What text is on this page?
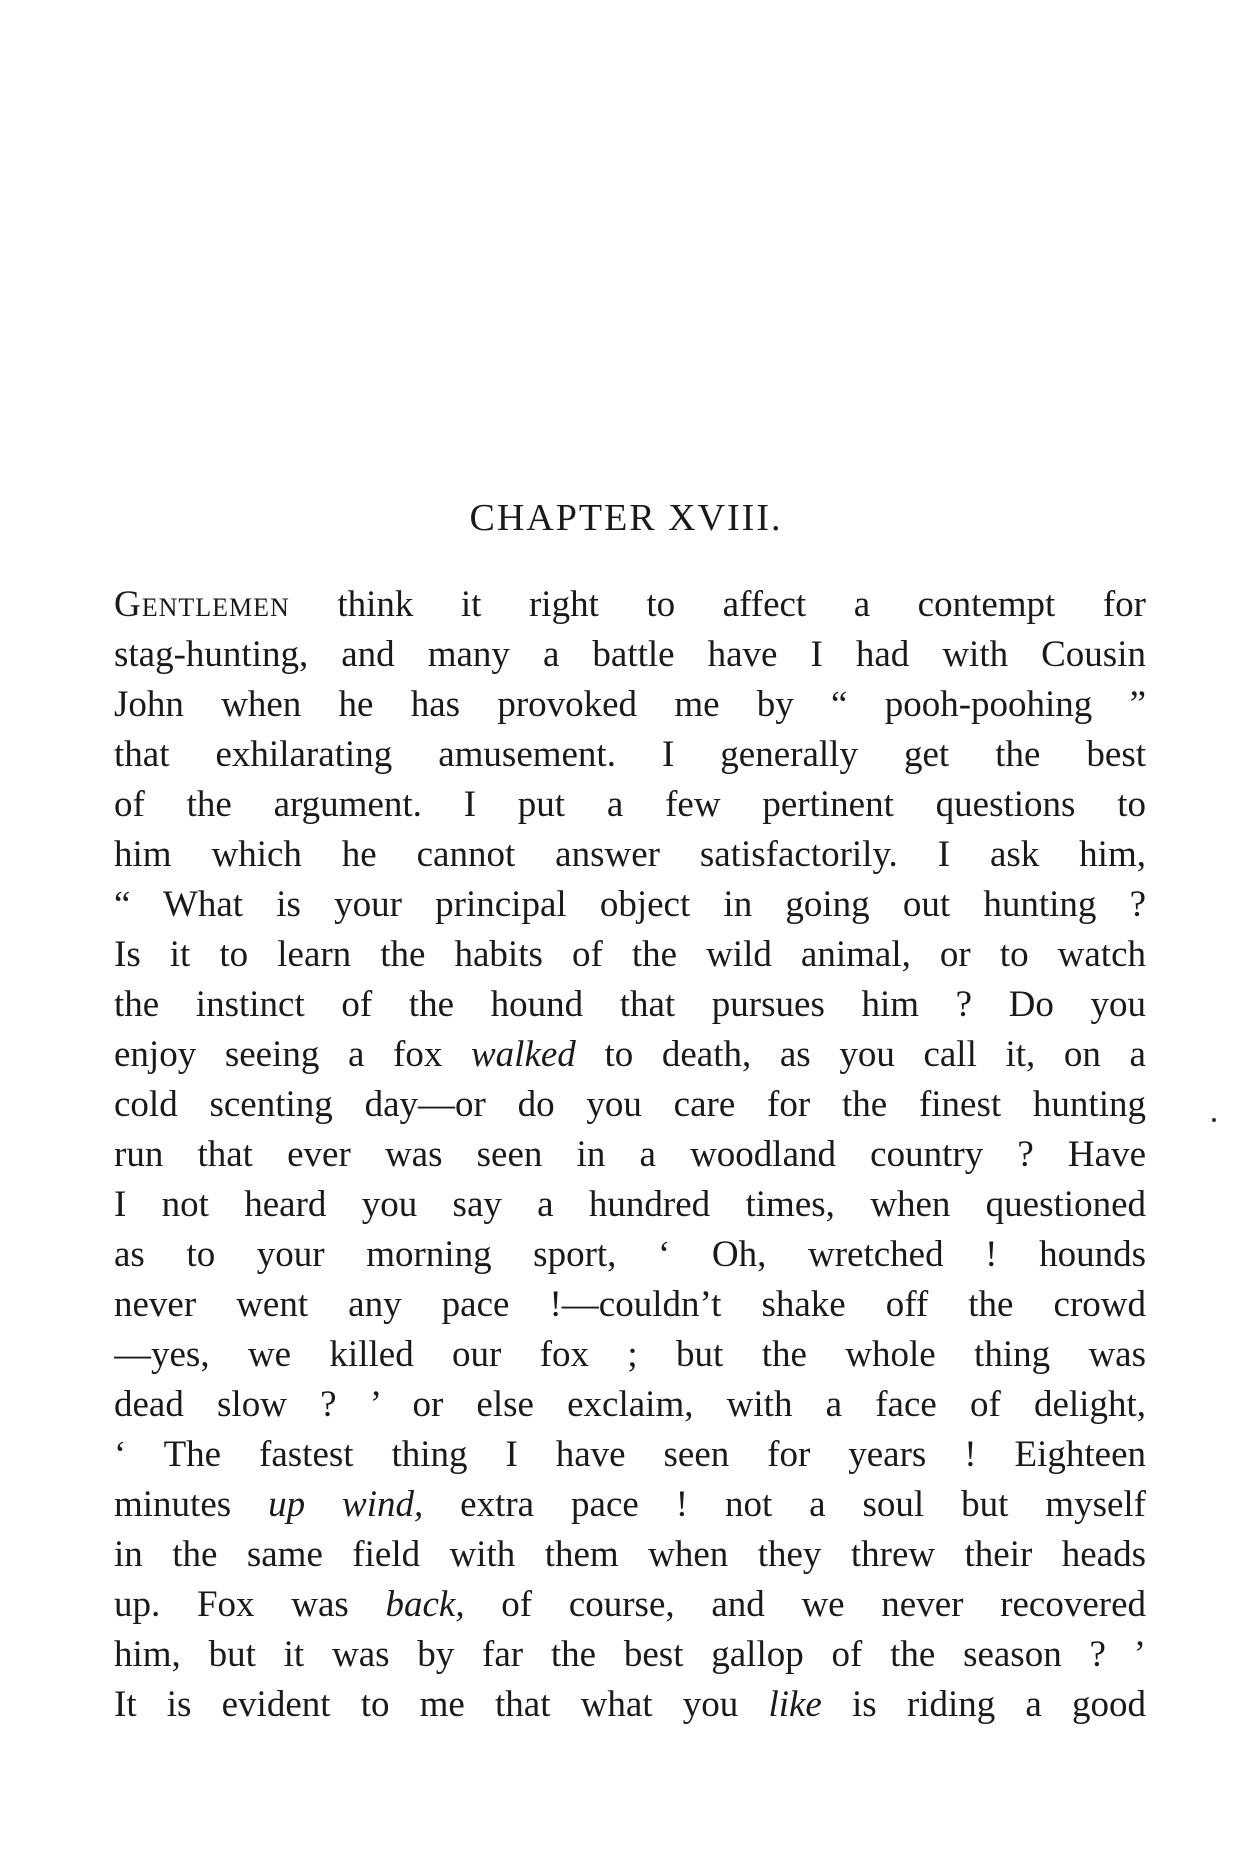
CHAPTER XVIII.
Gentlemen think it right to affect a contempt for
stag-hunting, and many a battle have I had with Cousin
John when he has provoked me by “ pooh-poohing ”
that exhilarating amusement. I generally get the best
of the argument. I put a few pertinent questions to
him which he cannot answer satisfactorily. I ask him,
“ What is your principal object in going out hunting ?
Is it to learn the habits of the wild animal, or to watch
the instinct of the hound that pursues him ? Do you
enjoy seeing a fox walked to death, as you call it, on a
cold scenting day—or do you care for the finest hunting
run that ever was seen in a woodland country ? Have
I not heard you say a hundred times, when questioned
as to your morning sport, ‘ Oh, wretched ! hounds
never went any pace !—couldn’t shake off the crowd
—yes, we killed our fox ; but the whole thing was
dead slow ? ’ or else exclaim, with a face of delight,
‘ The fastest thing I have seen for years ! Eighteen
minutes up wind, extra pace ! not a soul but myself
in the same field with them when they threw their heads
up. Fox was back, of course, and we never recovered
him, but it was by far the best gallop of the season ? ’
It is evident to me that what you like is riding a good
